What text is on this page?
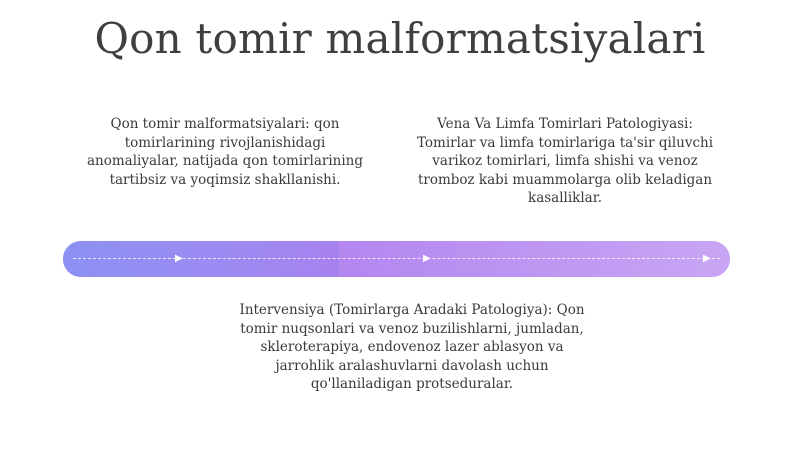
Qon tomir malformatsiyalari
Qon tomir malformatsiyalari: qon tomirlarining rivojlanishidagi anomaliyalar, natijada qon tomirlarining tartibsiz va yoqimsiz shakllanishi.
Vena Va Limfa Tomirlari Patologiyasi: Tomirlar va limfa tomirlariga ta'sir qiluvchi varikoz tomirlari, limfa shishi va venoz tromboz kabi muammolarga olib keladigan kasalliklar.
▶	▶	▶
Intervensiya (Tomirlarga Aradaki Patologiya): Qon tomir nuqsonlari va venoz buzilishlarni, jumladan, skleroterapiya, endovenoz lazer ablasyon va jarrohlik aralashuvlarni davolash uchun qo'llaniladigan protseduralar.
